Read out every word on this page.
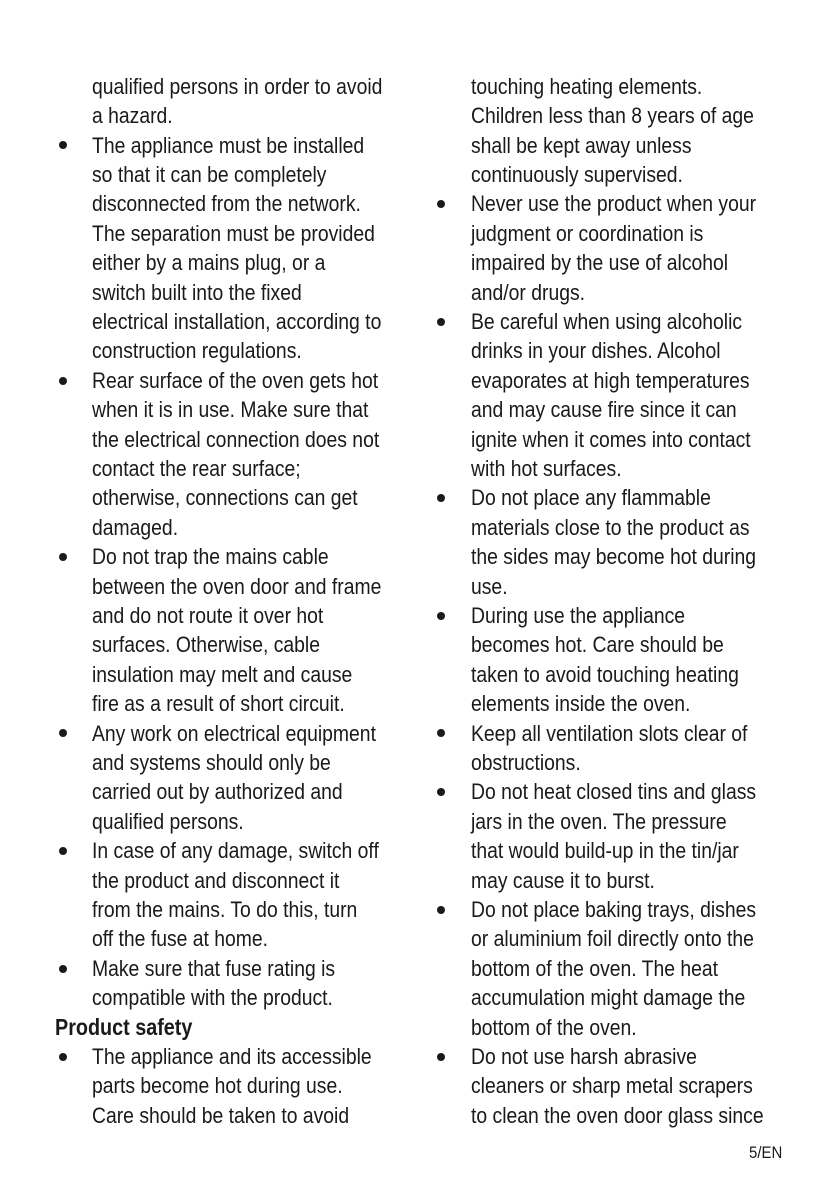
qualified persons in order to avoid
a hazard.
The appliance must be installed
so that it can be completely
disconnected from the network.
The separation must be provided
either by a mains plug, or a
switch built into the fixed
electrical installation, according to
construction regulations.
Rear surface of the oven gets hot
when it is in use. Make sure that
the electrical connection does not
contact the rear surface;
otherwise, connections can get
damaged.
Do not trap the mains cable
between the oven door and frame
and do not route it over hot
surfaces. Otherwise, cable
insulation may melt and cause
fire as a result of short circuit.
Any work on electrical equipment
and systems should only be
carried out by authorized and
qualified persons.
In case of any damage, switch off
the product and disconnect it
from the mains. To do this, turn
off the fuse at home.
Make sure that fuse rating is
compatible with the product.
Product safety
The appliance and its accessible
parts become hot during use.
Care should be taken to avoid
touching heating elements.
Children less than 8 years of age
shall be kept away unless
continuously supervised.
Never use the product when your
judgment or coordination is
impaired by the use of alcohol
and/or drugs.
Be careful when using alcoholic
drinks in your dishes. Alcohol
evaporates at high temperatures
and may cause fire since it can
ignite when it comes into contact
with hot surfaces.
Do not place any flammable
materials close to the product as
the sides may become hot during
use.
During use the appliance
becomes hot. Care should be
taken to avoid touching heating
elements inside the oven.
Keep all ventilation slots clear of
obstructions.
Do not heat closed tins and glass
jars in the oven. The pressure
that would build-up in the tin/jar
may cause it to burst.
Do not place baking trays, dishes
or aluminium foil directly onto the
bottom of the oven. The heat
accumulation might damage the
bottom of the oven.
Do not use harsh abrasive
cleaners or sharp metal scrapers
to clean the oven door glass since
5/EN
